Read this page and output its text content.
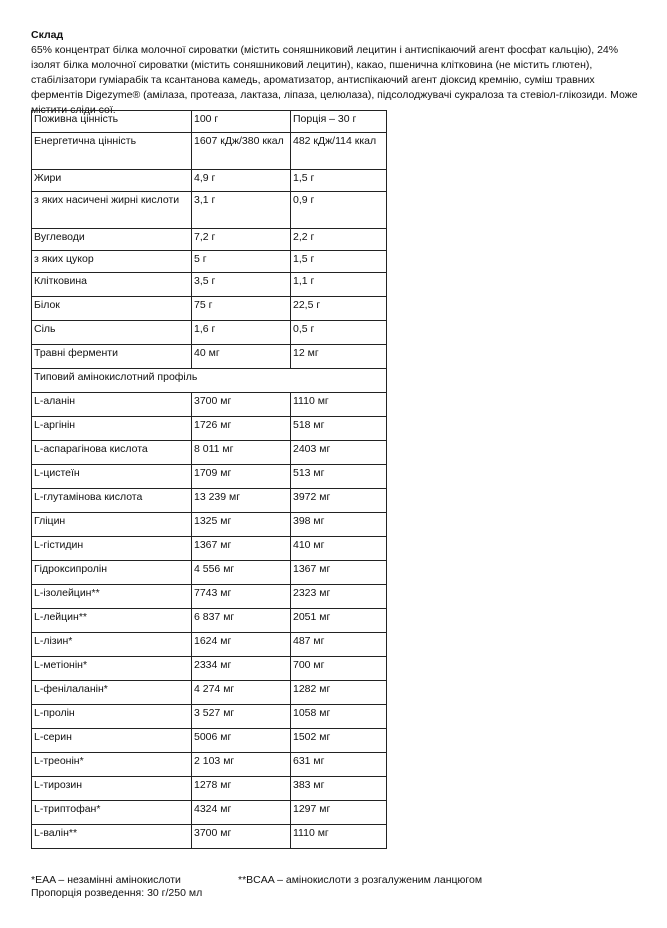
Склад

65% концентрат білка молочної сироватки (містить соняшниковий лецитин і антиспікаючий агент фосфат кальцію), 24% ізолят білка молочної сироватки (містить соняшниковий лецитин), какао, пшенична клітковина (не містить глютен), стабілізатори гуміарабік та ксантанова камедь, ароматизатор, антиспікаючий агент діоксид кремнію, суміш травних ферментів Digezyme® (амілаза, протеаза, лактаза, ліпаза, целюлаза), підсолоджувачі сукралоза та стевіол-глікозиди. Може містити сліди сої.

Поживна цінність	100 г	Порція – 30 г
Енергетична цінність	1607 кДж/380 ккал	482 кДж/114 ккал
Жири	4,9 г	1,5 г
з яких насичені жирні кислоти	3,1 г	0,9 г
Вуглеводи	7,2 г	2,2 г
з яких цукор	5 г	1,5 г
Клітковина	3,5 г	1,1 г
Білок	75 г	22,5 г
Сіль	1,6 г	0,5 г
Травні ферменти	40 мг	12 мг
Типовий амінокислотний профіль		
L-аланін	3700 мг	1110 мг
L-аргінін	1726 мг	518 мг
L-аспарагінова кислота	8 011 мг	2403 мг
L-цистеїн	1709 мг	513 мг
L-глутамінова кислота	13 239 мг	3972 мг
Гліцин	1325 мг	398 мг
L-гістидин	1367 мг	410 мг
Гідроксипролін	4 556 мг	1367 мг
L-ізолейцин**	7743 мг	2323 мг
L-лейцин**	6 837 мг	2051 мг
L-лізин*	1624 мг	487 мг
L-метіонін*	2334 мг	700 мг
L-фенілаланін*	4 274 мг	1282 мг
L-пролін	3 527 мг	1058 мг
L-серин	5006 мг	1502 мг
L-треонін*	2 103 мг	631 мг
L-тирозин	1278 мг	383 мг
L-триптофан*	4324 мг	1297 мг
L-валін**	3700 мг	1110 мг
*EAA – незамінні амінокислоти	**BCAA – амінокислоти з розгалуженим ланцюгом
Пропорція розведення: 30 г/250 мл
